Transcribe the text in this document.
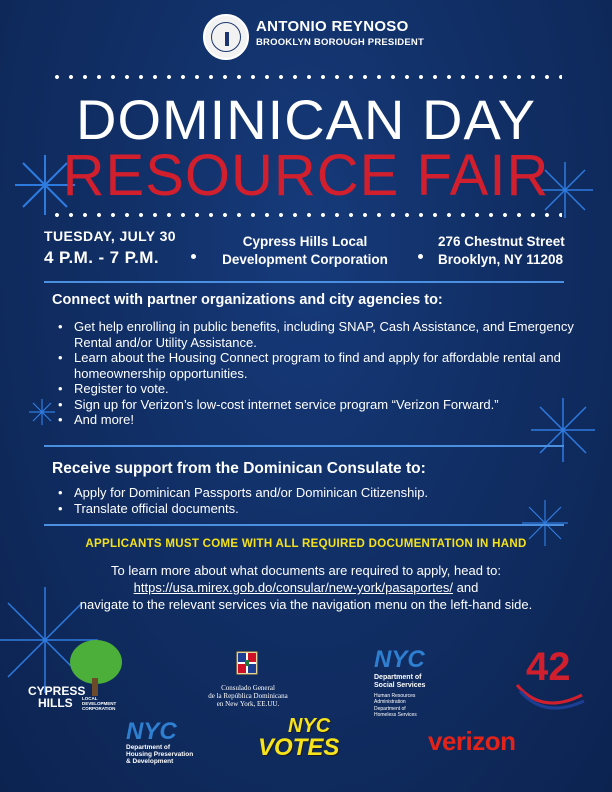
ANTONIO REYNOSO
BROOKLYN BOROUGH PRESIDENT
DOMINICAN DAY
RESOURCE FAIR
TUESDAY, JULY 30
4 P.M. - 7 P.M.
Cypress Hills Local
Development Corporation
276 Chestnut Street
Brooklyn, NY 11208
Connect with partner organizations and city agencies to:
• Get help enrolling in public benefits, including SNAP, Cash Assistance, and Emergency Rental and/or Utility Assistance.
• Learn about the Housing Connect program to find and apply for affordable rental and homeownership opportunities.
• Register to vote.
• Sign up for Verizon’s low-cost internet service program “Verizon Forward.”
• And more!
Receive support from the Dominican Consulate to:
• Apply for Dominican Passports and/or Dominican Citizenship.
• Translate official documents.
APPLICANTS MUST COME WITH ALL REQUIRED DOCUMENTATION IN HAND
To learn more about what documents are required to apply, head to:
https://usa.mirex.gob.do/consular/new-york/pasaportes/ and
navigate to the relevant services via the navigation menu on the left-hand side.
CYPRESS
HILLS LOCAL DEVELOPMENT CORPORATION
Consulado General
de la República Dominicana
en New York, EE.UU.
NYC
Department of
Social Services
Human Resources
Administration
Department of
Homeless Services
42
NYC
Department of
Housing Preservation
& Development
NYC
VOTES	verizon
